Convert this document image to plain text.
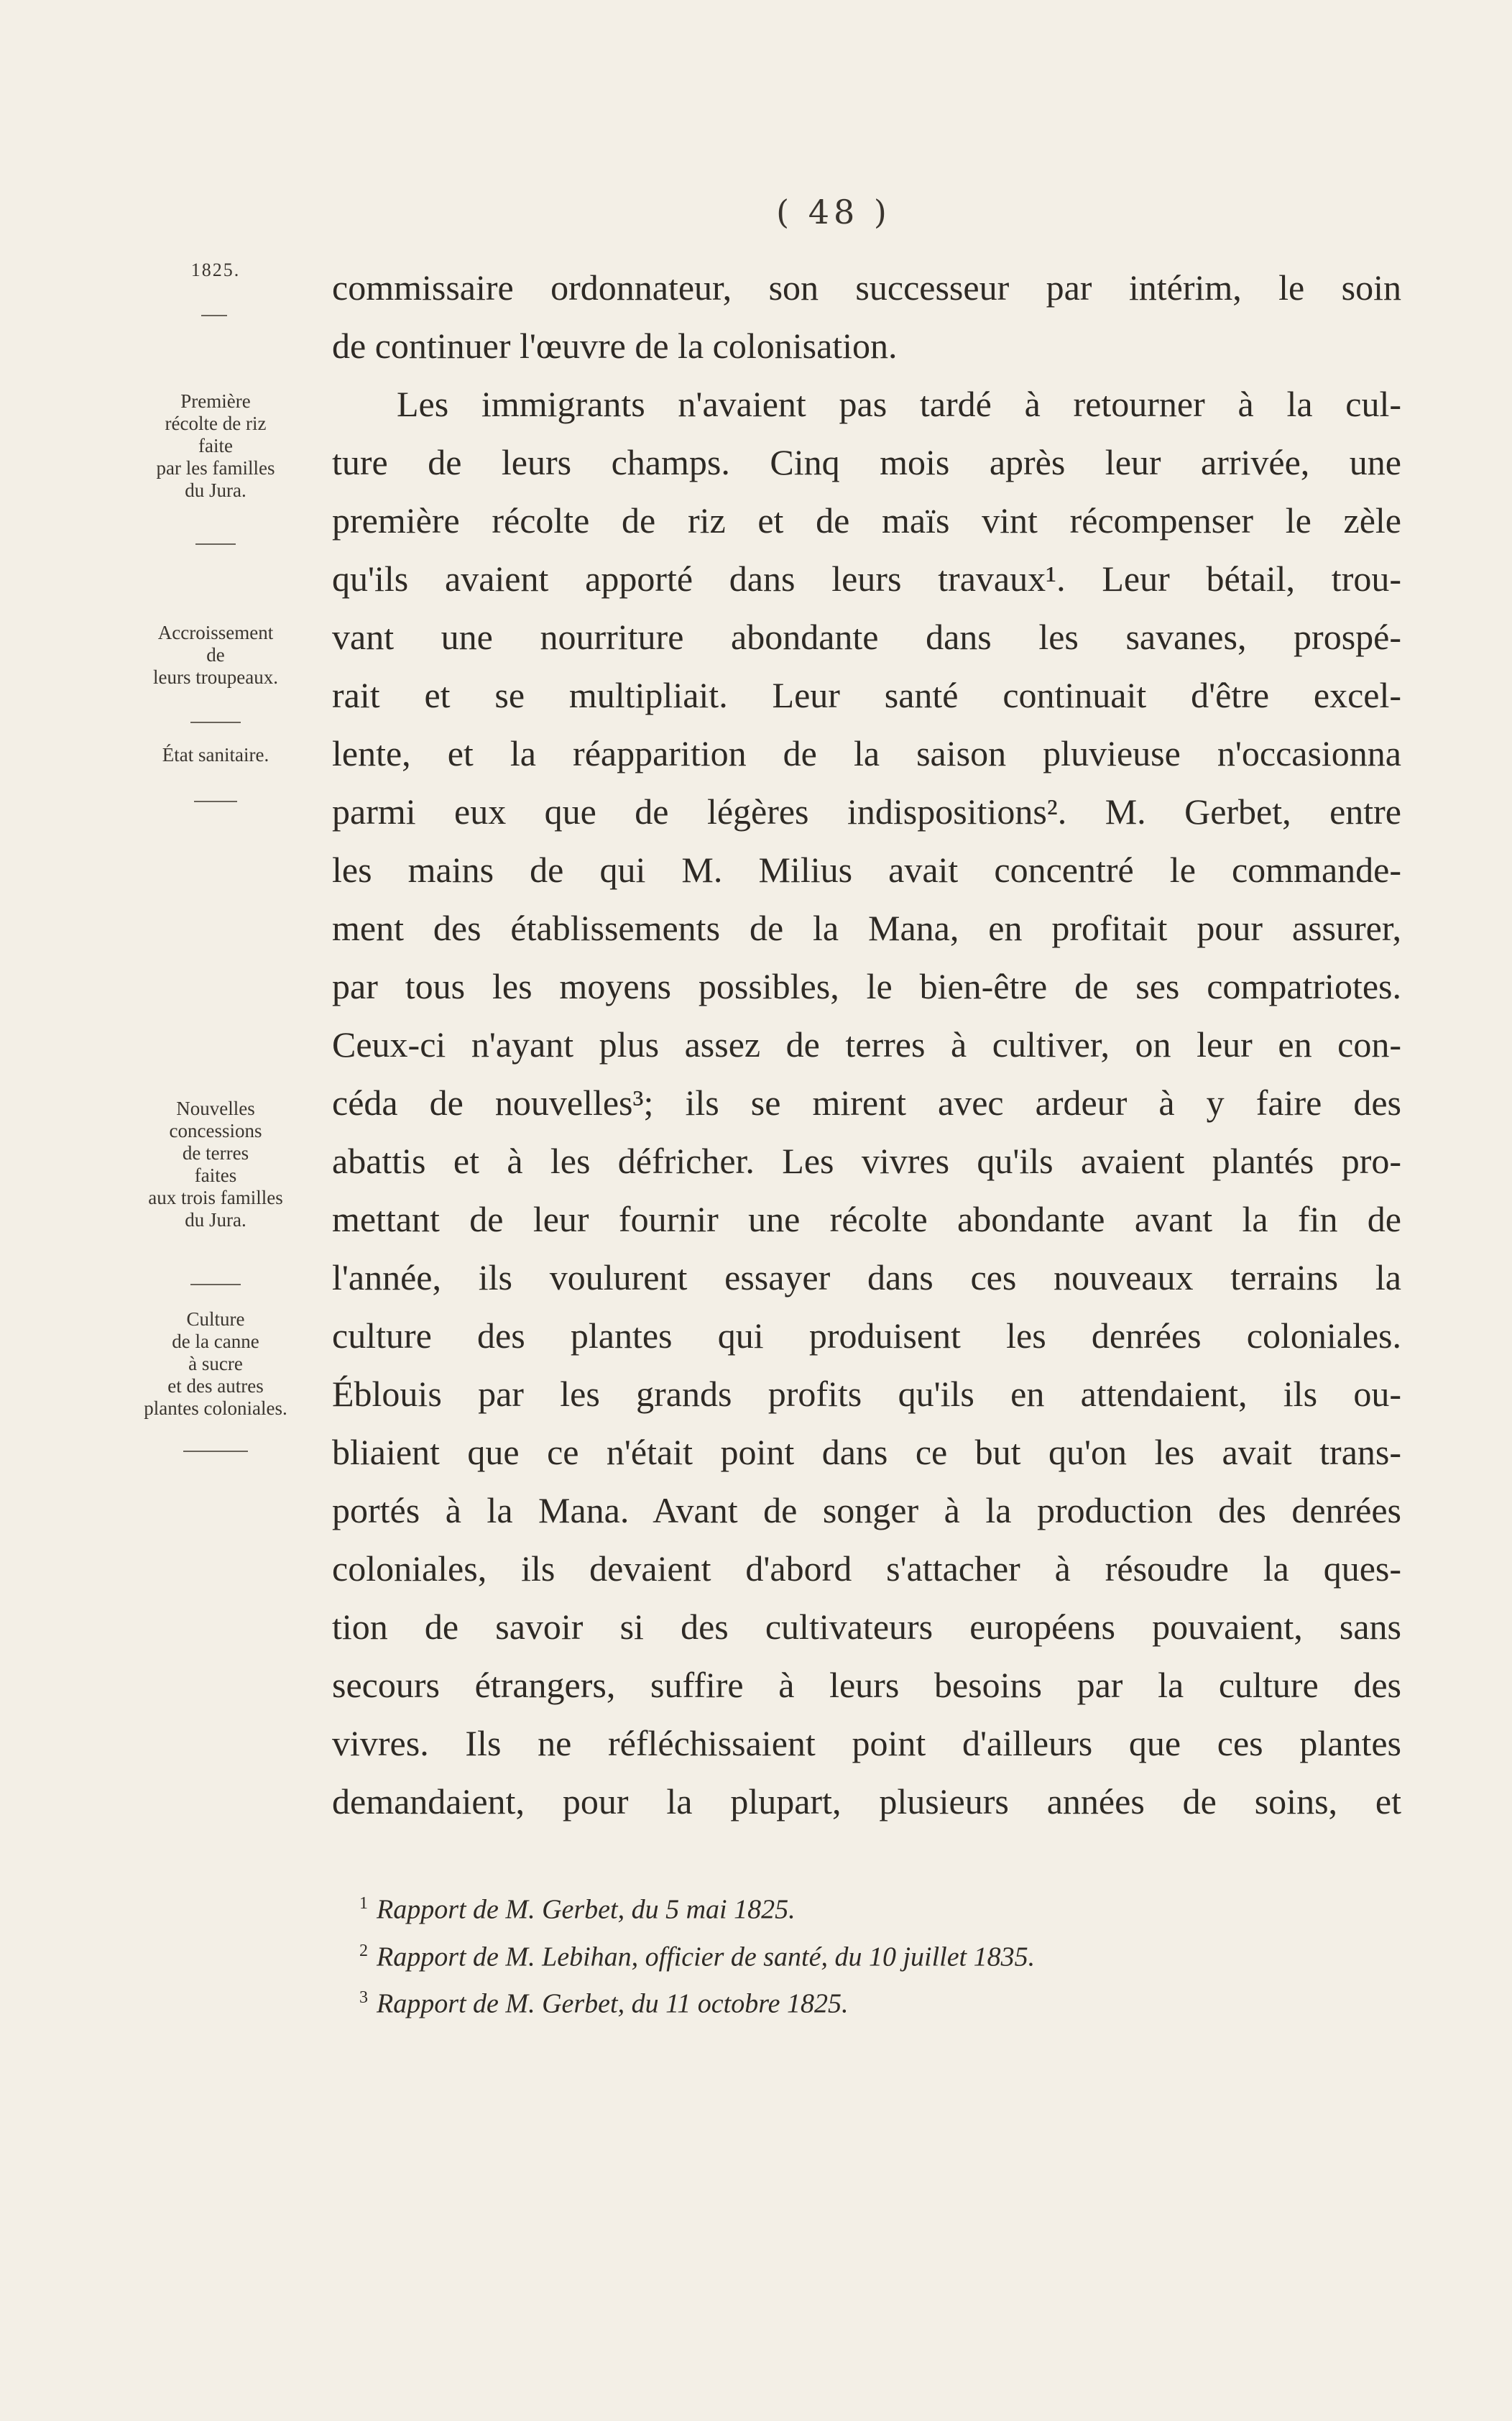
( 48 )
1825.
Première
récolte de riz
faite
par les familles
du Jura.
Accroissement
de
leurs troupeaux.
État sanitaire.
Nouvelles
concessions
de terres
faites
aux trois familles
du Jura.
Culture
de la canne
à sucre
et des autres
plantes coloniales.
commissaire ordonnateur, son successeur par intérim, le soin
de continuer l'œuvre de la colonisation.
Les immigrants n'avaient pas tardé à retourner à la cul-
ture de leurs champs. Cinq mois après leur arrivée, une
première récolte de riz et de maïs vint récompenser le zèle
qu'ils avaient apporté dans leurs travaux¹. Leur bétail, trou-
vant une nourriture abondante dans les savanes, prospé-
rait et se multipliait. Leur santé continuait d'être excel-
lente, et la réapparition de la saison pluvieuse n'occasionna
parmi eux que de légères indispositions². M. Gerbet, entre
les mains de qui M. Milius avait concentré le commande-
ment des établissements de la Mana, en profitait pour assurer,
par tous les moyens possibles, le bien-être de ses compatriotes.
Ceux-ci n'ayant plus assez de terres à cultiver, on leur en con-
céda de nouvelles³; ils se mirent avec ardeur à y faire des
abattis et à les défricher. Les vivres qu'ils avaient plantés pro-
mettant de leur fournir une récolte abondante avant la fin de
l'année, ils voulurent essayer dans ces nouveaux terrains la
culture des plantes qui produisent les denrées coloniales.
Éblouis par les grands profits qu'ils en attendaient, ils ou-
bliaient que ce n'était point dans ce but qu'on les avait trans-
portés à la Mana. Avant de songer à la production des denrées
coloniales, ils devaient d'abord s'attacher à résoudre la ques-
tion de savoir si des cultivateurs européens pouvaient, sans
secours étrangers, suffire à leurs besoins par la culture des
vivres. Ils ne réfléchissaient point d'ailleurs que ces plantes
demandaient, pour la plupart, plusieurs années de soins, et
$^1$ Rapport de M. Gerbet, du 5 mai 1825.
$^2$ Rapport de M. Lebihan, officier de santé, du 10 juillet 1835.
$^3$ Rapport de M. Gerbet, du 11 octobre 1825.
